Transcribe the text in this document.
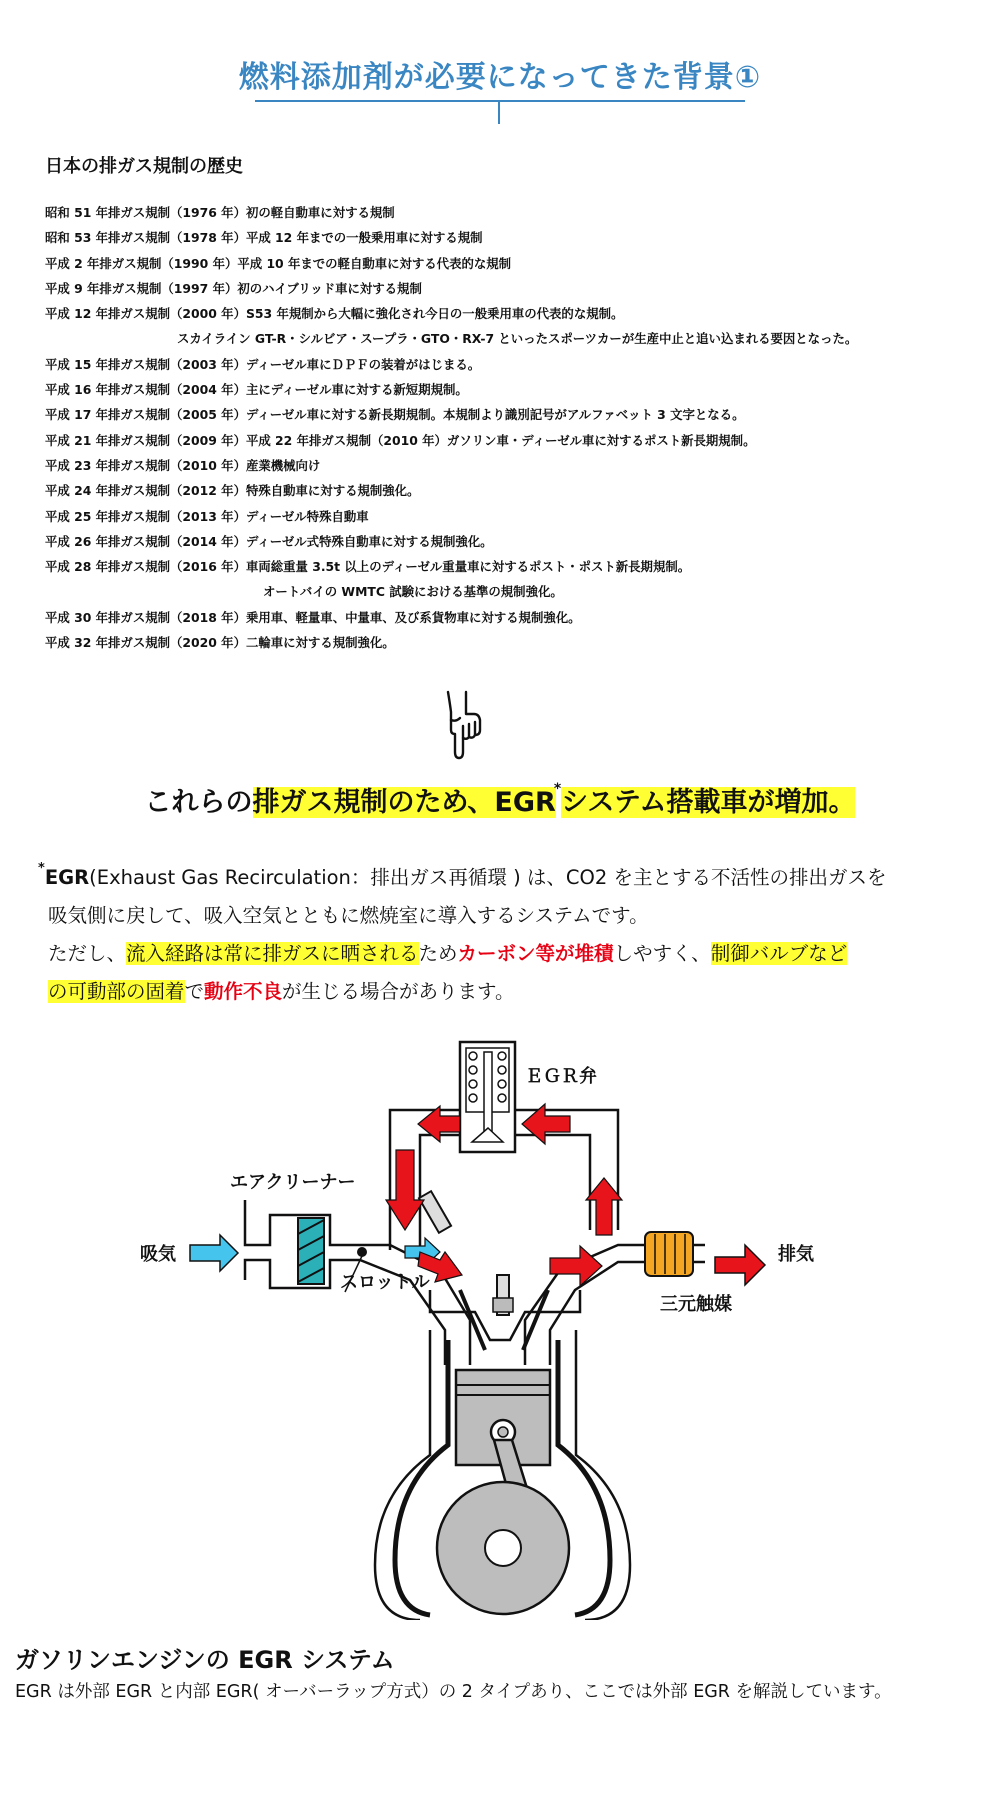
燃料添加剤が必要になってきた背景①
日本の排ガス規制の歴史
昭和 51 年排ガス規制（1976 年）初の軽自動車に対する規制
昭和 53 年排ガス規制（1978 年）平成 12 年までの一般乗用車に対する規制
平成 2 年排ガス規制（1990 年）平成 10 年までの軽自動車に対する代表的な規制
平成 9 年排ガス規制（1997 年）初のハイブリッド車に対する規制
平成 12 年排ガス規制（2000 年）S53 年規制から大幅に強化され今日の一般乗用車の代表的な規制。
スカイライン GT-R・シルビア・スープラ・GTO・RX-7 といったスポーツカーが生産中止と追い込まれる要因となった。
平成 15 年排ガス規制（2003 年）ディーゼル車にＤＰＦの装着がはじまる。
平成 16 年排ガス規制（2004 年）主にディーゼル車に対する新短期規制。
平成 17 年排ガス規制（2005 年）ディーゼル車に対する新長期規制。本規制より識別記号がアルファベット 3 文字となる。
平成 21 年排ガス規制（2009 年）平成 22 年排ガス規制（2010 年）ガソリン車・ディーゼル車に対するポスト新長期規制。
平成 23 年排ガス規制（2010 年）産業機械向け
平成 24 年排ガス規制（2012 年）特殊自動車に対する規制強化。
平成 25 年排ガス規制（2013 年）ディーゼル特殊自動車
平成 26 年排ガス規制（2014 年）ディーゼル式特殊自動車に対する規制強化。
平成 28 年排ガス規制（2016 年）車両総重量 3.5t 以上のディーゼル重量車に対するポスト・ポスト新長期規制。
オートバイの WMTC 試験における基準の規制強化。
平成 30 年排ガス規制（2018 年）乗用車、軽量車、中量車、及び系貨物車に対する規制強化。
平成 32 年排ガス規制（2020 年）二輪車に対する規制強化。
これらの排ガス規制のため、EGR*システム搭載車が増加。

*EGR(Exhaust Gas Recirculation：排出ガス再循環 ) は、CO2 を主とする不活性の排出ガスを

吸気側に戻して、吸入空気とともに燃焼室に導入するシステムです。

ただし、流入経路は常に排ガスに晒されるためカーボン等が堆積しやすく、制御バルブなど

の可動部の固着で動作不良が生じる場合があります。

ＥＧＲ弁
エアクリーナー
吸気
スロットル
三元触媒
排気
ガソリンエンジンの EGR システム
EGR は外部 EGR と内部 EGR( オーバーラップ方式）の 2 タイプあり、ここでは外部 EGR を解説しています。
